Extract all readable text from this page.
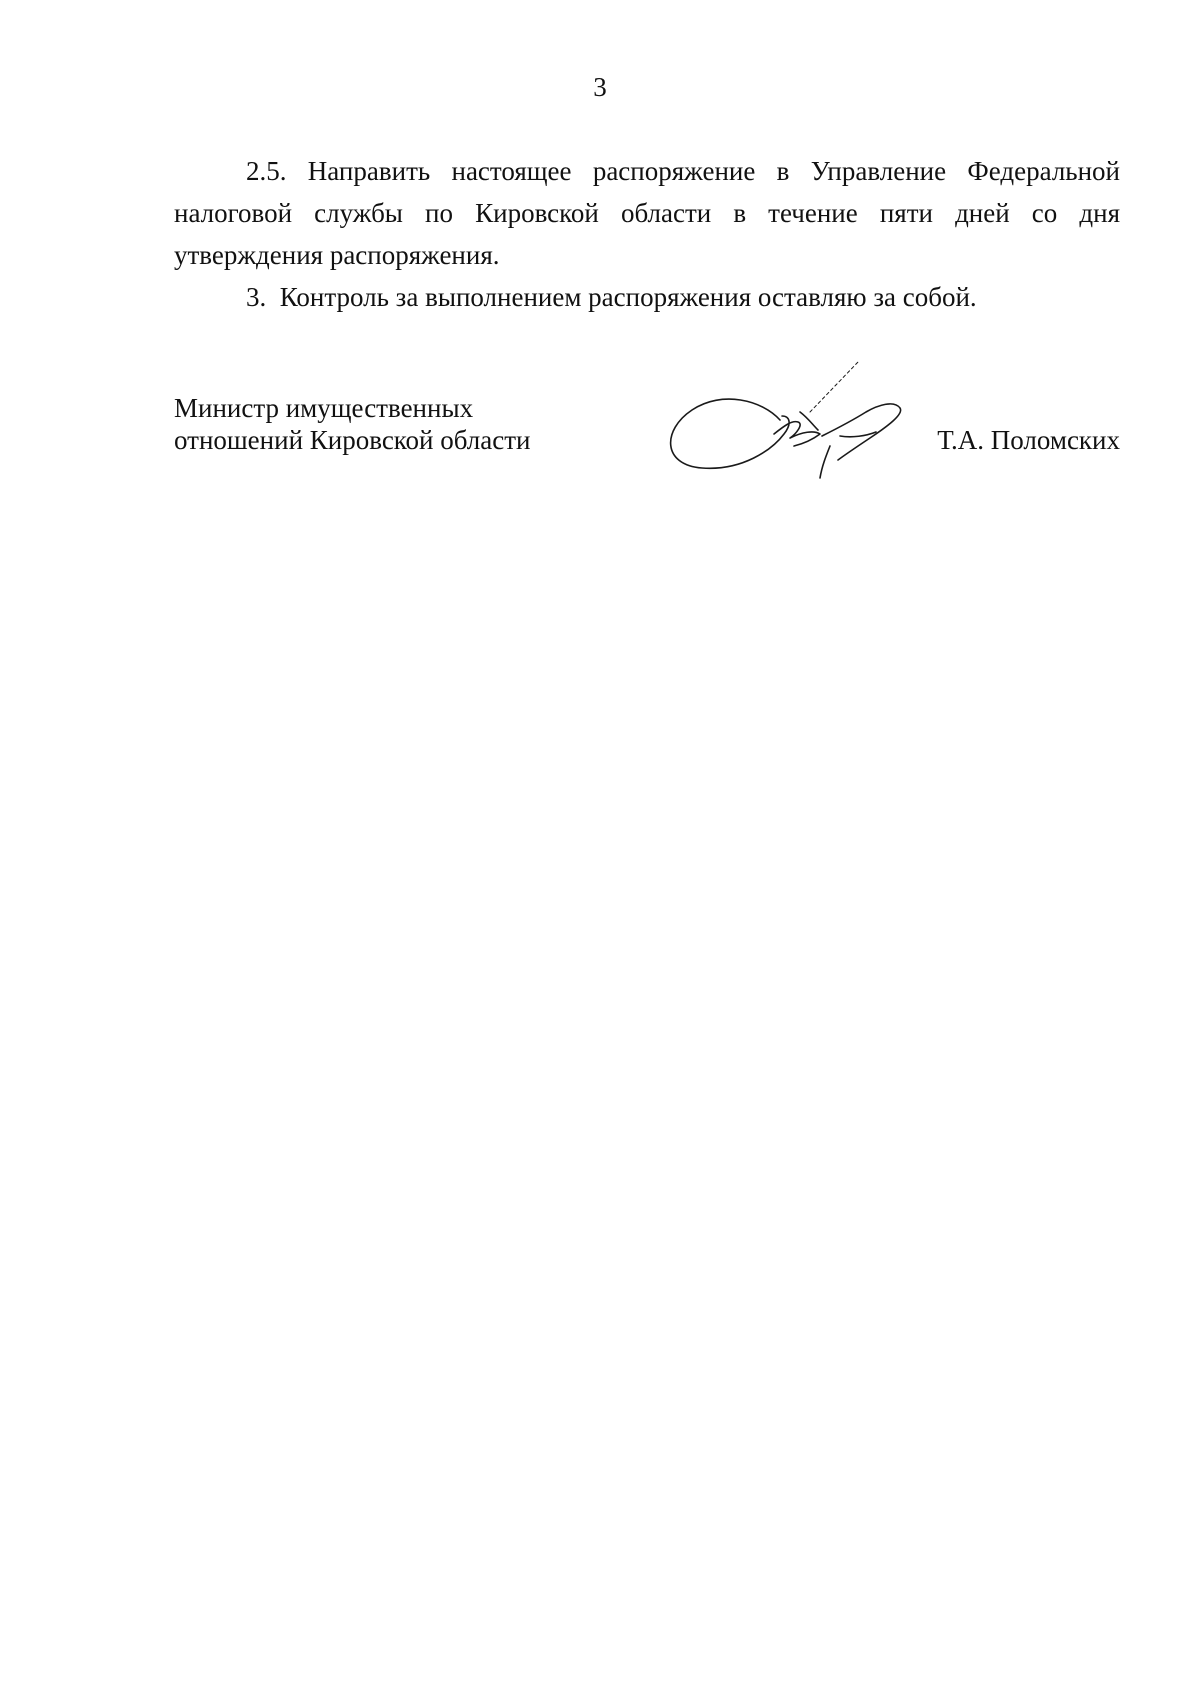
3

2.5. Направить настоящее распоряжение в Управление Федеральной налоговой службы по Кировской области в течение пяти дней со дня утверждения распоряжения.

3. Контроль за выполнением распоряжения оставляю за собой.

Министр имущественных
отношений Кировской области	Т.А. Поломских
